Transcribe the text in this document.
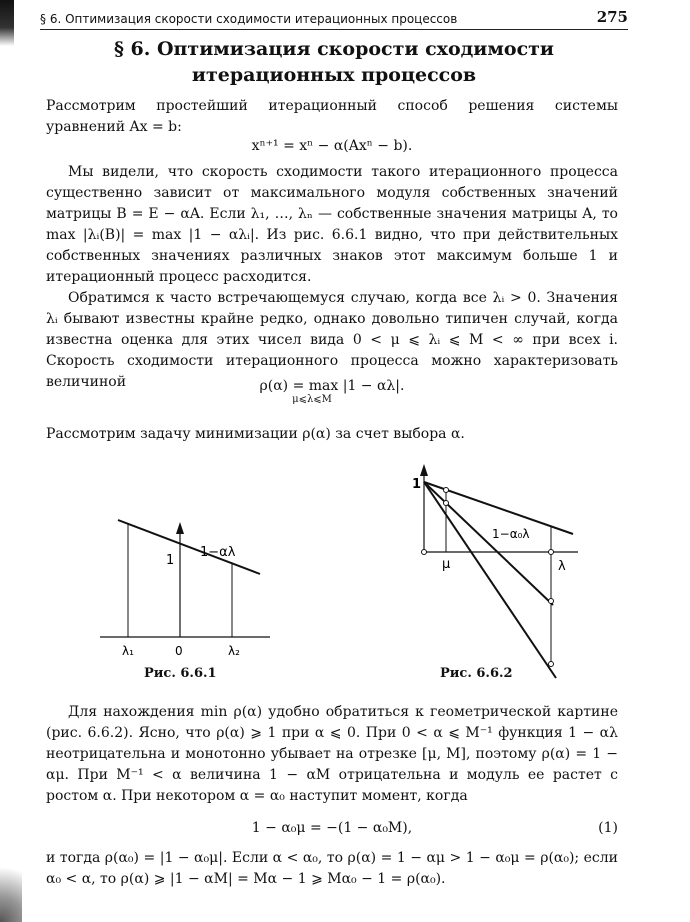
§ 6. Оптимизация скорости сходимости итерационных процессов	275
§ 6. Оптимизация скорости сходимости
итерационных процессов
Рассмотрим простейший итерационный способ решения системы уравнений Ax = b:
xⁿ⁺¹ = xⁿ − α(Axⁿ − b).
Мы видели, что скорость сходимости такого итерационного процесса существенно зависит от максимального модуля собственных значений матрицы B = E − αA. Если λ₁, …, λₙ — собственные значения матрицы A, то max |λᵢ(B)| = max |1 − αλᵢ|. Из рис. 6.6.1 видно, что при действительных собственных значениях различных знаков этот максимум больше 1 и итерационный процесс расходится.
Обратимся к часто встречающемуся случаю, когда все λᵢ > 0. Значения λᵢ бывают известны крайне редко, однако довольно типичен случай, когда известна оценка для этих чисел вида 0 < μ ⩽ λᵢ ⩽ M < ∞ при всех i. Скорость сходимости итерационного процесса можно характеризовать величиной	ρ(α) = max |1 − αλ|.
μ⩽λ⩽M
Рассмотрим задачу минимизации ρ(α) за счет выбора α.
1
1−αλ
λ₁	0	λ₂
Рис. 6.6.1
1
1−α₀λ
μ	λ
Рис. 6.6.2
Для нахождения min ρ(α) удобно обратиться к геометрической картине (рис. 6.6.2). Ясно, что ρ(α) ⩾ 1 при α ⩽ 0. При 0 < α ⩽ M⁻¹ функция 1 − αλ неотрицательна и монотонно убывает на отрезке [μ, M], поэтому ρ(α) = 1 − αμ. При M⁻¹ < α величина 1 − αM отрицательна и модуль ее растет с ростом α. При некотором α = α₀ наступит момент, когда
1 − α₀μ = −(1 − α₀M),	(1)
и тогда ρ(α₀) = |1 − α₀μ|. Если α < α₀, то ρ(α) = 1 − αμ > 1 − α₀μ = ρ(α₀); если α₀ < α, то ρ(α) ⩾ |1 − αM| = Mα − 1 ⩾ Mα₀ − 1 = ρ(α₀).
